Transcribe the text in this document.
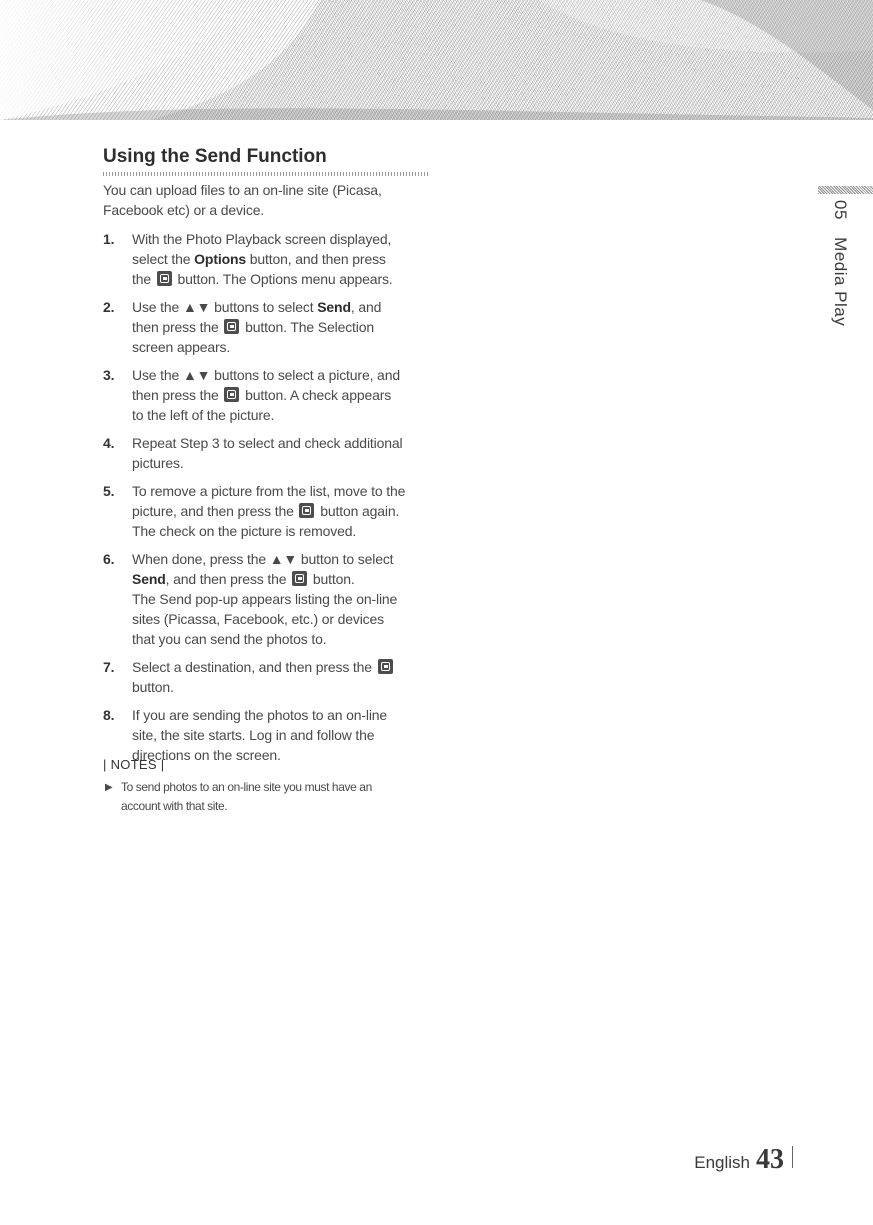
Using the Send Function

You can upload files to an on-line site (Picasa,
Facebook etc) or a device.

1. With the Photo Playback screen displayed,
select the Options button, and then press
the  button. The Options menu appears.
2. Use the ▲▼ buttons to select Send, and
then press the  button. The Selection
screen appears.
3. Use the ▲▼ buttons to select a picture, and
then press the  button. A check appears
to the left of the picture.
4. Repeat Step 3 to select and check additional
pictures.
5. To remove a picture from the list, move to the
picture, and then press the  button again.
The check on the picture is removed.
6. When done, press the ▲▼ button to select
Send, and then press the  button.
The Send pop-up appears listing the on-line
sites (Picassa, Facebook, etc.) or devices
that you can send the photos to.
7. Select a destination, and then press the
button.
8. If you are sending the photos to an on-line
site, the site starts. Log in and follow the
directions on the screen.
| NOTES |
▶ To send photos to an on-line site you must have an
account with that site.
05 Media Play
English 43
